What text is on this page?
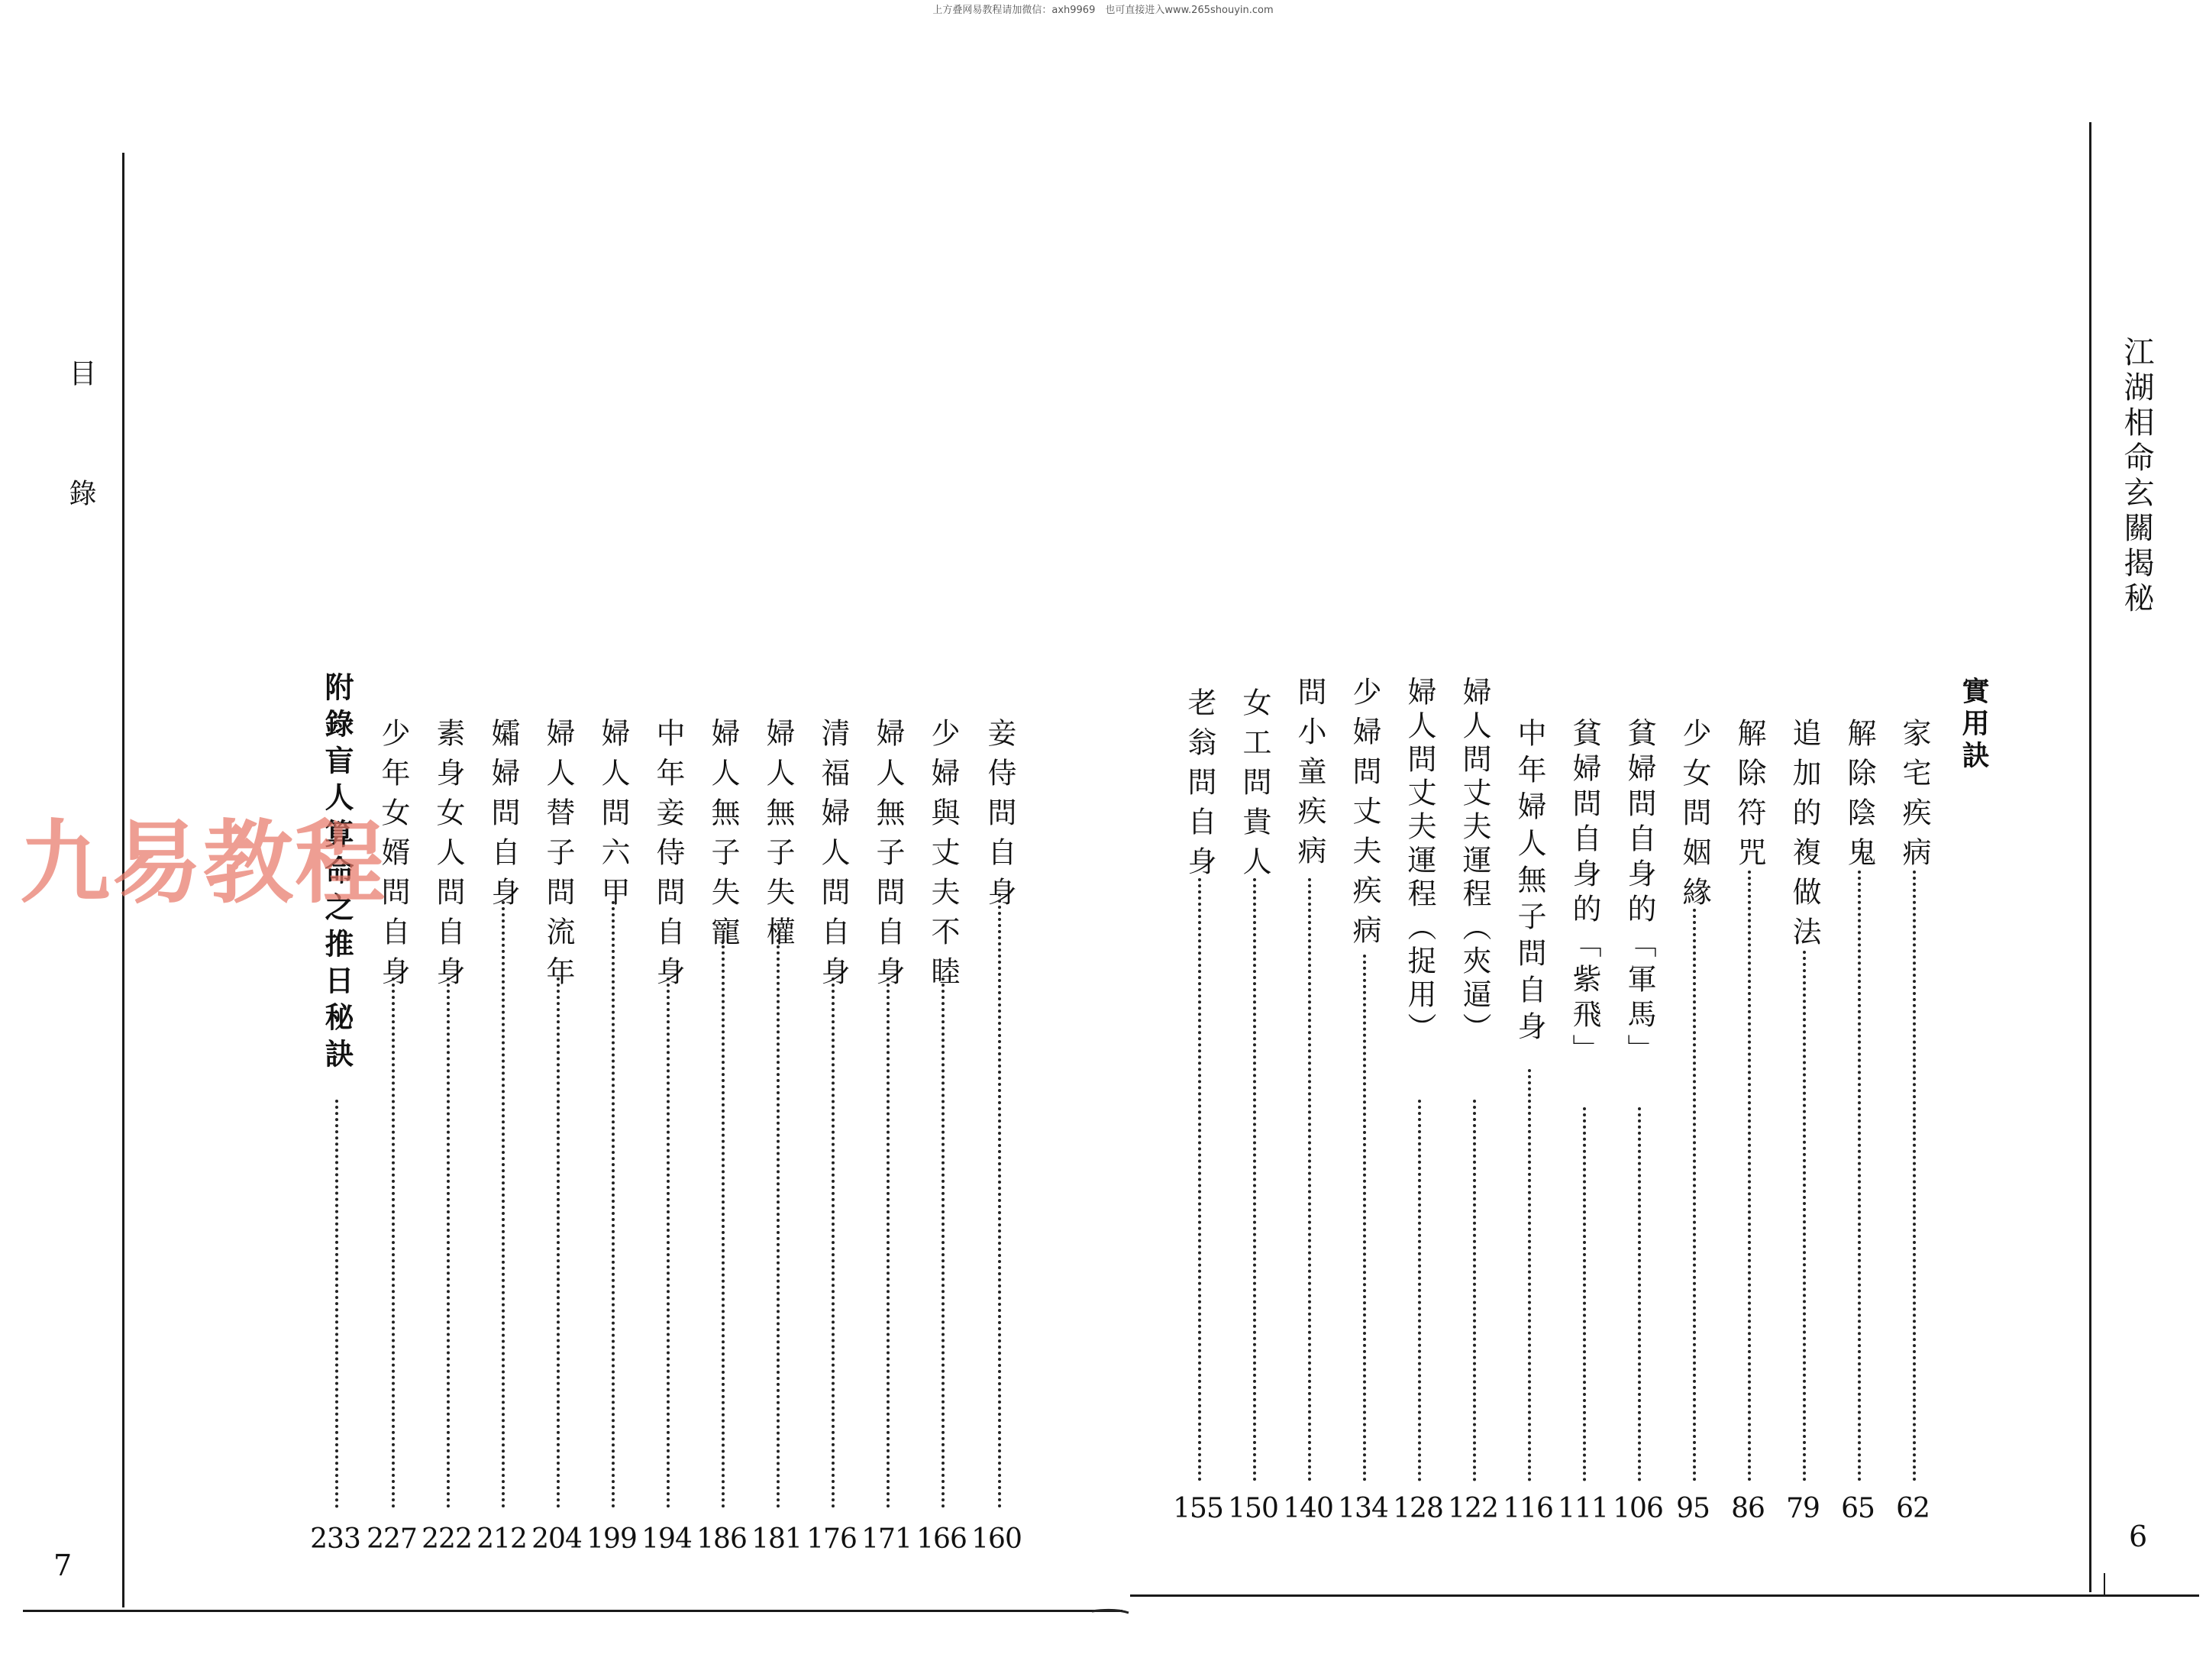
上方叠网易教程请加微信：axh9969　也可直接进入www.265shouyin.com
目 錄
7
妾侍問自身
160
少婦與丈夫不睦
166
婦人無子問自身
171
清福婦人問自身
176
婦人無子失權
181
婦人無子失寵
186
中年妾侍問自身
194
婦人問六甲
199
婦人替子問流年
204
孀婦問自身
212
素身女人問自身
222
少年女婿問自身
227
附錄盲人算命之推日秘訣
233
九易教程
江湖相命玄關揭秘
6
實用訣
家宅疾病
62
解除陰鬼
65
追加的複做法
79
解除符咒
86
少女問姻緣
95
貧婦問自身的「軍馬」
106
貧婦問自身的「紫飛」
111
中年婦人無子問自身
116
婦人問丈夫運程（夾逼）
122
婦人問丈夫運程（捉用）
128
少婦問丈夫疾病
134
問小童疾病
140
女工問貴人
150
老翁問自身
155
